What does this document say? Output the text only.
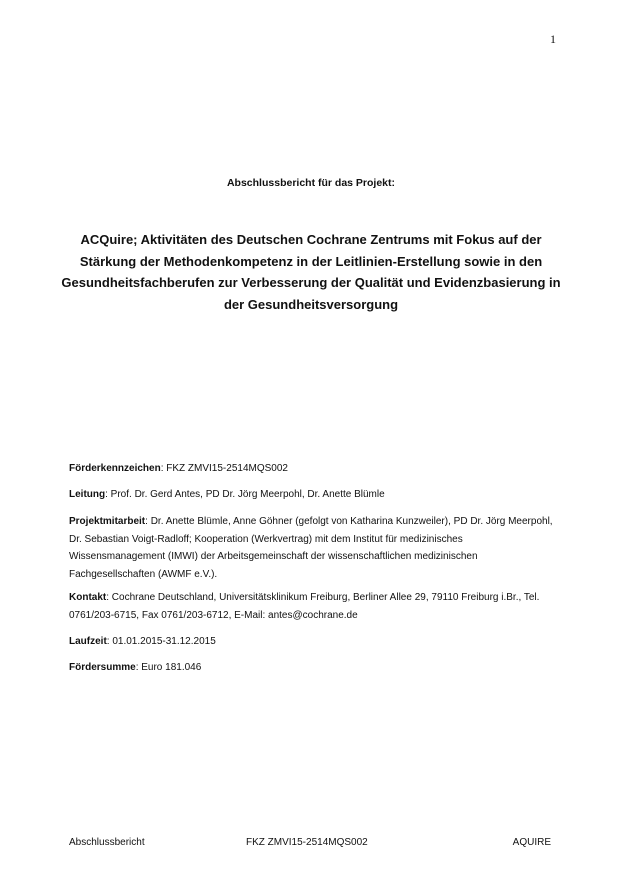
1
Abschlussbericht für das Projekt:
ACQuire; Aktivitäten des Deutschen Cochrane Zentrums mit Fokus auf der Stärkung der Methodenkompetenz in der Leitlinien-Erstellung sowie in den Gesundheitsfachberufen zur Verbesserung der Qualität und Evidenzbasierung in der Gesundheitsversorgung

Förderkennzeichen: FKZ ZMVI15-2514MQS002

Leitung: Prof. Dr. Gerd Antes, PD Dr. Jörg Meerpohl, Dr. Anette Blümle

Projektmitarbeit: Dr. Anette Blümle, Anne Göhner (gefolgt von Katharina Kunzweiler), PD Dr. Jörg Meerpohl, Dr. Sebastian Voigt-Radloff; Kooperation (Werkvertrag) mit dem Institut für medizinisches Wissensmanagement (IMWI) der Arbeitsgemeinschaft der wissenschaftlichen medizinischen Fachgesellschaften (AWMF e.V.).

Kontakt: Cochrane Deutschland, Universitätsklinikum Freiburg, Berliner Allee 29, 79110 Freiburg i.Br., Tel. 0761/203-6715, Fax 0761/203-6712, E-Mail: antes@cochrane.de

Laufzeit: 01.01.2015-31.12.2015

Fördersumme: Euro 181.046

Abschlussbericht	FKZ ZMVI15-2514MQS002	AQUIRE
